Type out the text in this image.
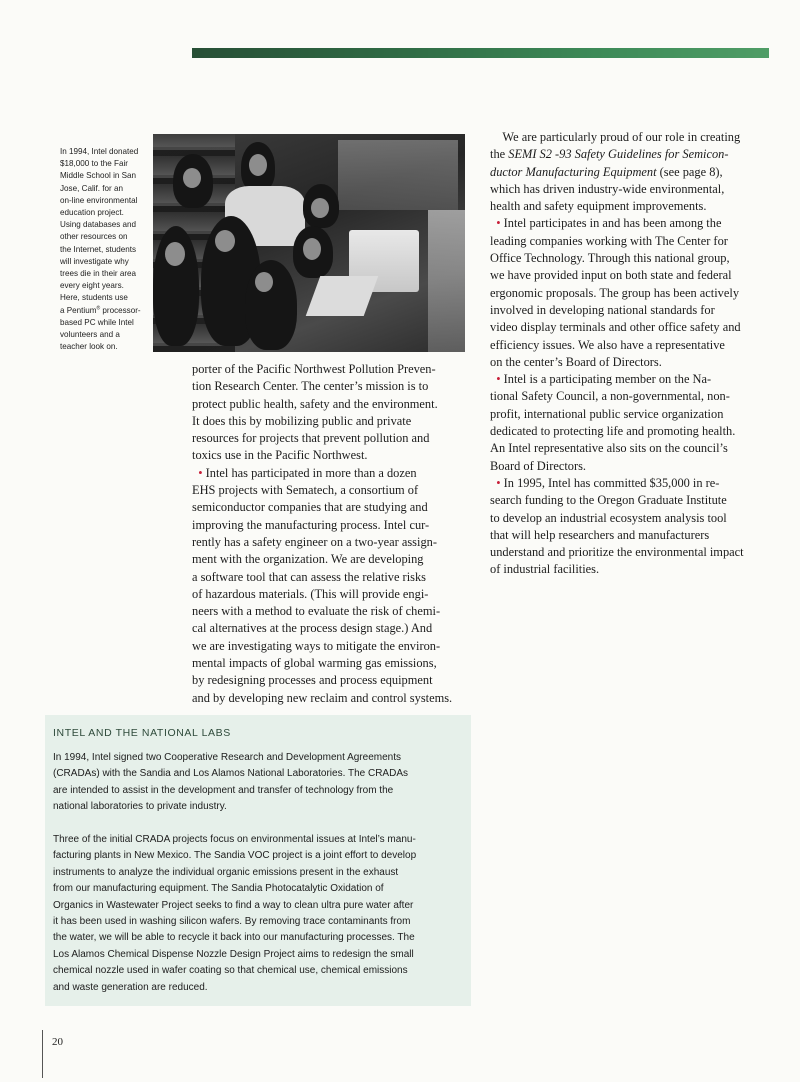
In 1994, Intel donated
$18,000 to the Fair
Middle School in San
Jose, Calif. for an
on-line environmental
education project.
Using databases and
other resources on
the Internet, students
will investigate why
trees die in their area
every eight years.
Here, students use
a Pentium® processor-
based PC while Intel
volunteers and a
teacher look on.
porter of the Pacific Northwest Pollution Preven-
tion Research Center. The center’s mission is to
protect public health, safety and the environment.
It does this by mobilizing public and private
resources for projects that prevent pollution and
toxics use in the Pacific Northwest.
• Intel has participated in more than a dozen
EHS projects with Sematech, a consortium of
semiconductor companies that are studying and
improving the manufacturing process. Intel cur-
rently has a safety engineer on a two-year assign-
ment with the organization. We are developing
a software tool that can assess the relative risks
of hazardous materials. (This will provide engi-
neers with a method to evaluate the risk of chemi-
cal alternatives at the process design stage.) And
we are investigating ways to mitigate the environ-
mental impacts of global warming gas emissions,
by redesigning processes and process equipment
and by developing new reclaim and control systems.
We are particularly proud of our role in creating
the SEMI S2 -93 Safety Guidelines for Semicon-
ductor Manufacturing Equipment (see page 8),
which has driven industry-wide environmental,
health and safety equipment improvements.
• Intel participates in and has been among the
leading companies working with The Center for
Office Technology. Through this national group,
we have provided input on both state and federal
ergonomic proposals. The group has been actively
involved in developing national standards for
video display terminals and other office safety and
efficiency issues. We also have a representative
on the center’s Board of Directors.
• Intel is a participating member on the Na-
tional Safety Council, a non-governmental, non-
profit, international public service organization
dedicated to protecting life and promoting health.
An Intel representative also sits on the council’s
Board of Directors.
• In 1995, Intel has committed $35,000 in re-
search funding to the Oregon Graduate Institute
to develop an industrial ecosystem analysis tool
that will help researchers and manufacturers
understand and prioritize the environmental impact
of industrial facilities.
INTEL AND THE NATIONAL LABS
In 1994, Intel signed two Cooperative Research and Development Agreements
(CRADAs) with the Sandia and Los Alamos National Laboratories. The CRADAs
are intended to assist in the development and transfer of technology from the
national laboratories to private industry.
Three of the initial CRADA projects focus on environmental issues at Intel’s manu-
facturing plants in New Mexico. The Sandia VOC project is a joint effort to develop
instruments to analyze the individual organic emissions present in the exhaust
from our manufacturing equipment. The Sandia Photocatalytic Oxidation of
Organics in Wastewater Project seeks to find a way to clean ultra pure water after
it has been used in washing silicon wafers. By removing trace contaminants from
the water, we will be able to recycle it back into our manufacturing processes. The
Los Alamos Chemical Dispense Nozzle Design Project aims to redesign the small
chemical nozzle used in wafer coating so that chemical use, chemical emissions
and waste generation are reduced.
20
